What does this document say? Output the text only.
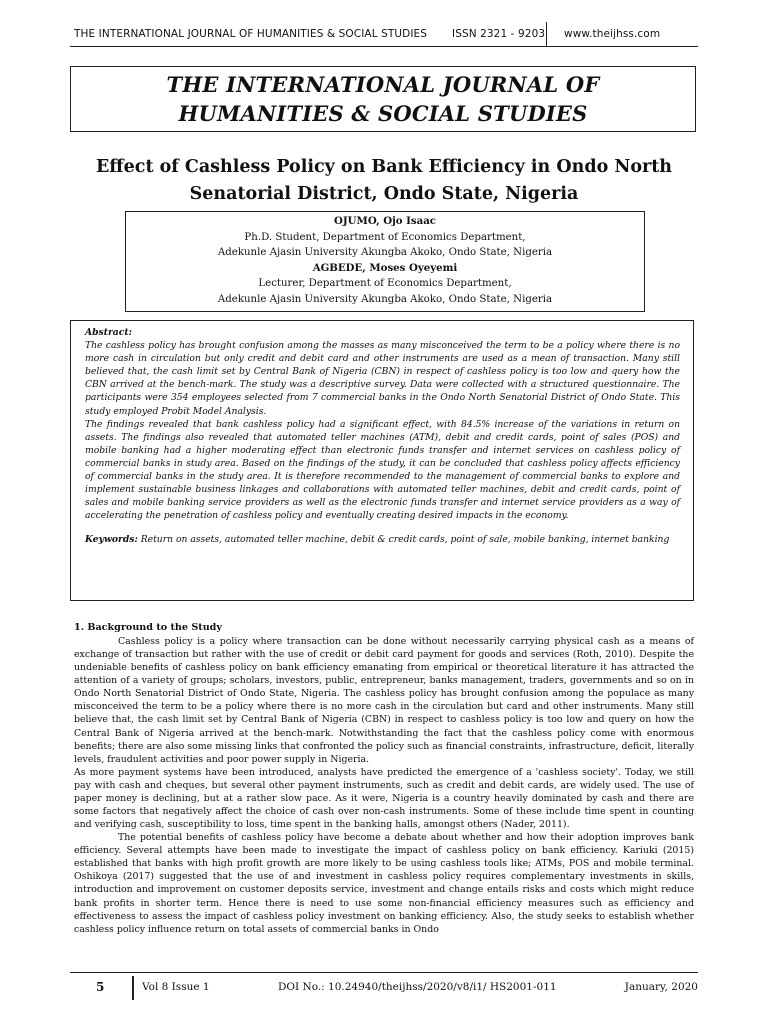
THE INTERNATIONAL JOURNAL OF HUMANITIES & SOCIAL STUDIES ISSN 2321 - 9203 www.theijhss.com
THE INTERNATIONAL JOURNAL OF
HUMANITIES & SOCIAL STUDIES
Effect of Cashless Policy on Bank Efficiency in Ondo North
Senatorial District, Ondo State, Nigeria
OJUMO, Ojo Isaac
Ph.D. Student, Department of Economics Department,
Adekunle Ajasin University Akungba Akoko, Ondo State, Nigeria
AGBEDE, Moses Oyeyemi
Lecturer, Department of Economics Department,
Adekunle Ajasin University Akungba Akoko, Ondo State, Nigeria
Abstract:

The cashless policy has brought confusion among the masses as many misconceived the term to be a policy where there is no more cash in circulation but only credit and debit card and other instruments are used as a mean of transaction. Many still believed that, the cash limit set by Central Bank of Nigeria (CBN) in respect of cashless policy is too low and query how the CBN arrived at the bench-mark. The study was a descriptive survey. Data were collected with a structured questionnaire. The participants were 354 employees selected from 7 commercial banks in the Ondo North Senatorial District of Ondo State. This study employed Probit Model Analysis.

The findings revealed that bank cashless policy had a significant effect, with 84.5% increase of the variations in return on assets. The findings also revealed that automated teller machines (ATM), debit and credit cards, point of sales (POS) and mobile banking had a higher moderating effect than electronic funds transfer and internet services on cashless policy of commercial banks in study area. Based on the findings of the study, it can be concluded that cashless policy affects efficiency of commercial banks in the study area. It is therefore recommended to the management of commercial banks to explore and implement sustainable business linkages and collaborations with automated teller machines, debit and credit cards, point of sales and mobile banking service providers as well as the electronic funds transfer and internet service providers as a way of accelerating the penetration of cashless policy and eventually creating desired impacts in the economy.

Keywords: Return on assets, automated teller machine, debit & credit cards, point of sale, mobile banking, internet banking

1. Background to the Study

Cashless policy is a policy where transaction can be done without necessarily carrying physical cash as a means of exchange of transaction but rather with the use of credit or debit card payment for goods and services (Roth, 2010). Despite the undeniable benefits of cashless policy on bank efficiency emanating from empirical or theoretical literature it has attracted the attention of a variety of groups; scholars, investors, public, entrepreneur, banks management, traders, governments and so on in Ondo North Senatorial District of Ondo State, Nigeria. The cashless policy has brought confusion among the populace as many misconceived the term to be a policy where there is no more cash in the circulation but card and other instruments. Many still believe that, the cash limit set by Central Bank of Nigeria (CBN) in respect to cashless policy is too low and query on how the Central Bank of Nigeria arrived at the bench-mark. Notwithstanding the fact that the cashless policy come with enormous benefits; there are also some missing links that confronted the policy such as financial constraints, infrastructure, deficit, literally levels, fraudulent activities and poor power supply in Nigeria.

As more payment systems have been introduced, analysts have predicted the emergence of a 'cashless society'. Today, we still pay with cash and cheques, but several other payment instruments, such as credit and debit cards, are widely used. The use of paper money is declining, but at a rather slow pace. As it were, Nigeria is a country heavily dominated by cash and there are some factors that negatively affect the choice of cash over non-cash instruments. Some of these include time spent in counting and verifying cash, susceptibility to loss, time spent in the banking halls, amongst others (Nader, 2011).

The potential benefits of cashless policy have become a debate about whether and how their adoption improves bank efficiency. Several attempts have been made to investigate the impact of cashless policy on bank efficiency. Kariuki (2015) established that banks with high profit growth are more likely to be using cashless tools like; ATMs, POS and mobile terminal. Oshikoya (2017) suggested that the use of and investment in cashless policy requires complementary investments in skills, introduction and improvement on customer deposits service, investment and change entails risks and costs which might reduce bank profits in shorter term. Hence there is need to use some non-financial efficiency measures such as efficiency and effectiveness to assess the impact of cashless policy investment on banking efficiency. Also, the study seeks to establish whether cashless policy influence return on total assets of commercial banks in Ondo

5	Vol 8 Issue 1	DOI No.: 10.24940/theijhss/2020/v8/i1/ HS2001-011	January, 2020
